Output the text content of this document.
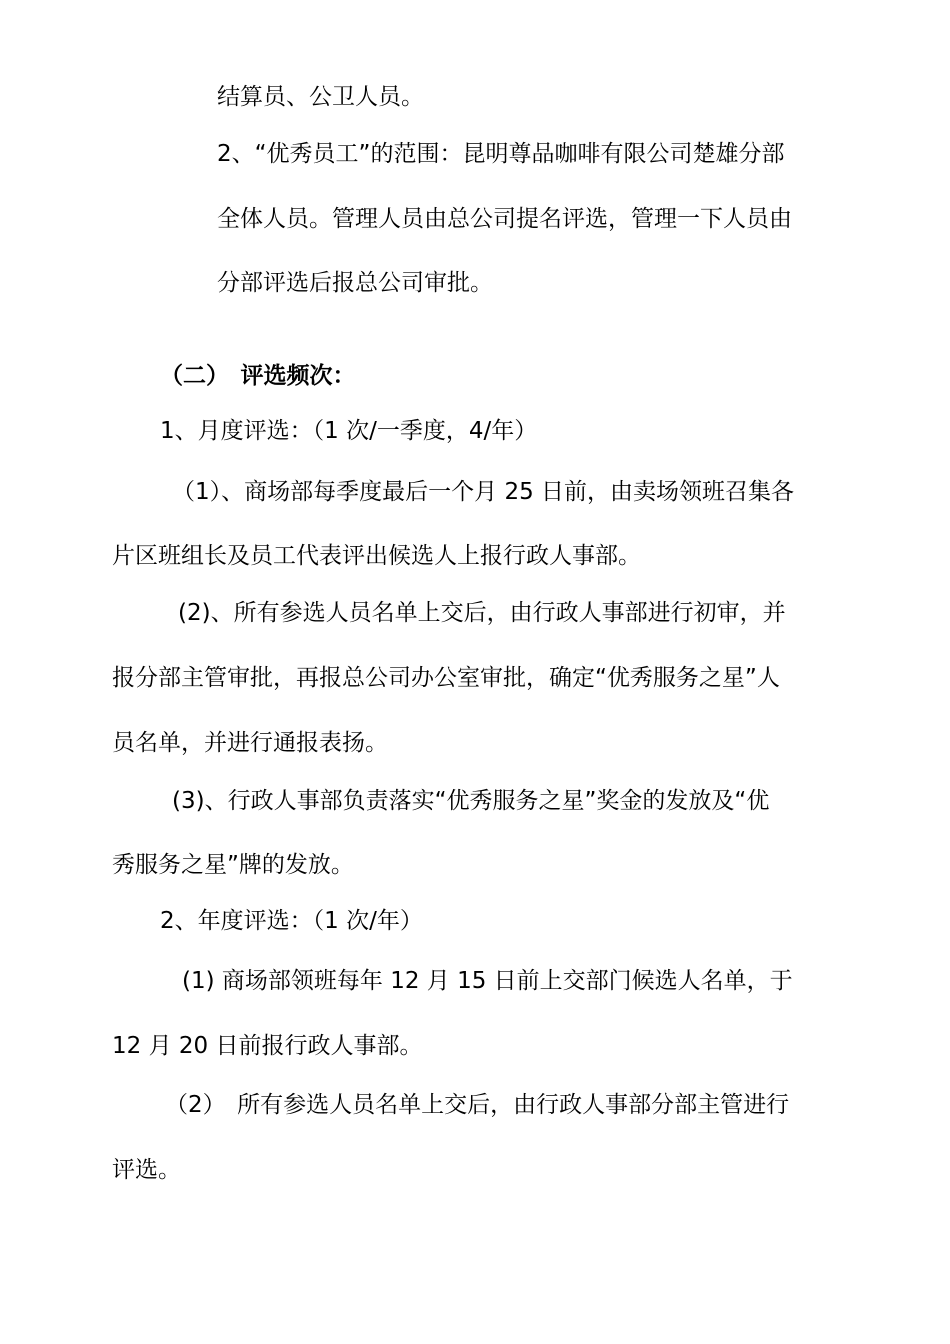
结算员、公卫人员。
2、“优秀员工”的范围：昆明尊品咖啡有限公司楚雄分部
全体人员。管理人员由总公司提名评选，管理一下人员由
分部评选后报总公司审批。
（二）　评选频次：
1、月度评选：（1 次/一季度，4/年）
（1）、商场部每季度最后一个月 25 日前，由卖场领班召集各
片区班组长及员工代表评出候选人上报行政人事部。
(2)、所有参选人员名单上交后，由行政人事部进行初审，并
报分部主管审批，再报总公司办公室审批，确定“优秀服务之星”人
员名单，并进行通报表扬。
(3)、行政人事部负责落实“优秀服务之星”奖金的发放及“优
秀服务之星”牌的发放。
2、年度评选：（1 次/年）
(1) 商场部领班每年 12 月 15 日前上交部门候选人名单，于
12 月 20 日前报行政人事部。
（2）　所有参选人员名单上交后，由行政人事部分部主管进行
评选。
